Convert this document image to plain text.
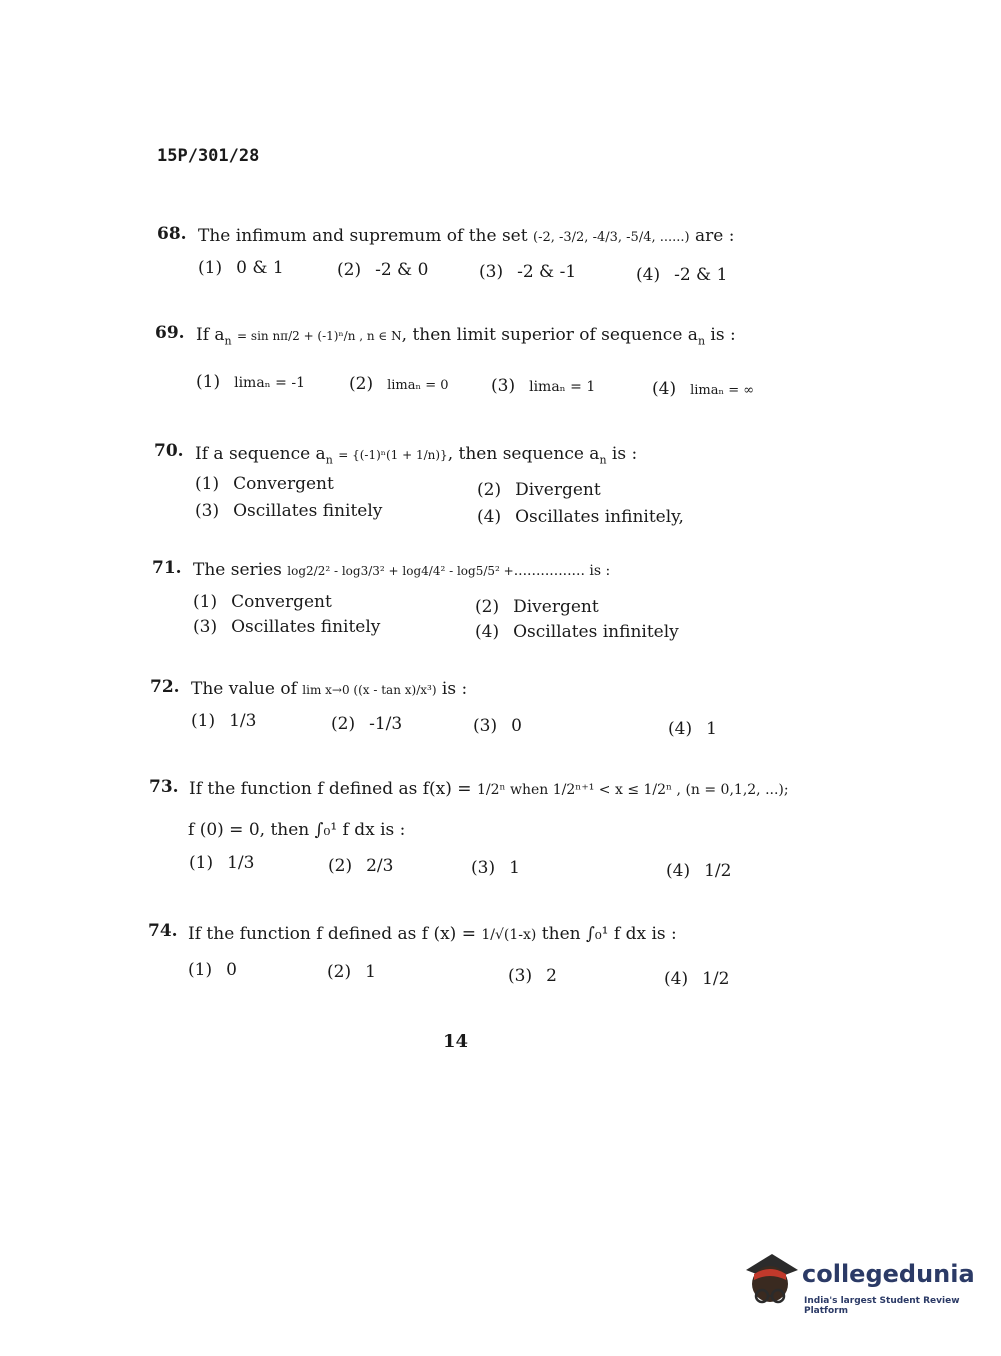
15P/301/28
68. The infimum and supremum of the set (-2, -3/2, -4/3, -5/4, ......) are :
(1) 0 & 1	(2) -2 & 0	(3) -2 & -1	(4) -2 & 1
69. If $a_n = \sin n\pi/2 + (-1)^n/n$ , n ∈ N, then limit superior of sequence $a_n$ is :
(1) limaₙ = -1	(2) limaₙ = 0 (3) limaₙ = 1	(4) limaₙ = ∞
70. If a sequence $a_n = \{(-1)^n(1 + 1/n)\}$, then sequence $a_n$ is :
(1) Convergent	(2) Divergent
(3) Oscillates finitely	(4) Oscillates infinitely,
71. The series log2/2² - log3/3² + log4/4² - log5/5² +................ is :
(1) Convergent	(2) Divergent
(3) Oscillates finitely	(4) Oscillates infinitely
72. The value of lim x→0 ((x - tan x)/x³) is :
(1) 1/3	(2) -1/3	(3) 0	(4) 1
73. If the function f defined as f(x) = 1/2ⁿ when 1/2ⁿ⁺¹ < x ≤ 1/2ⁿ , (n = 0,1,2, ...);
f (0) = 0, then ∫₀¹ f dx is :
(1) 1/3	(2) 2/3	(3) 1	(4) 1/2
74. If the function f defined as f (x) = 1/√(1-x) then ∫₀¹ f dx is :
(1) 0	(2) 1	(3) 2	(4) 1/2
14
collegedunia
India's largest Student Review Platform
